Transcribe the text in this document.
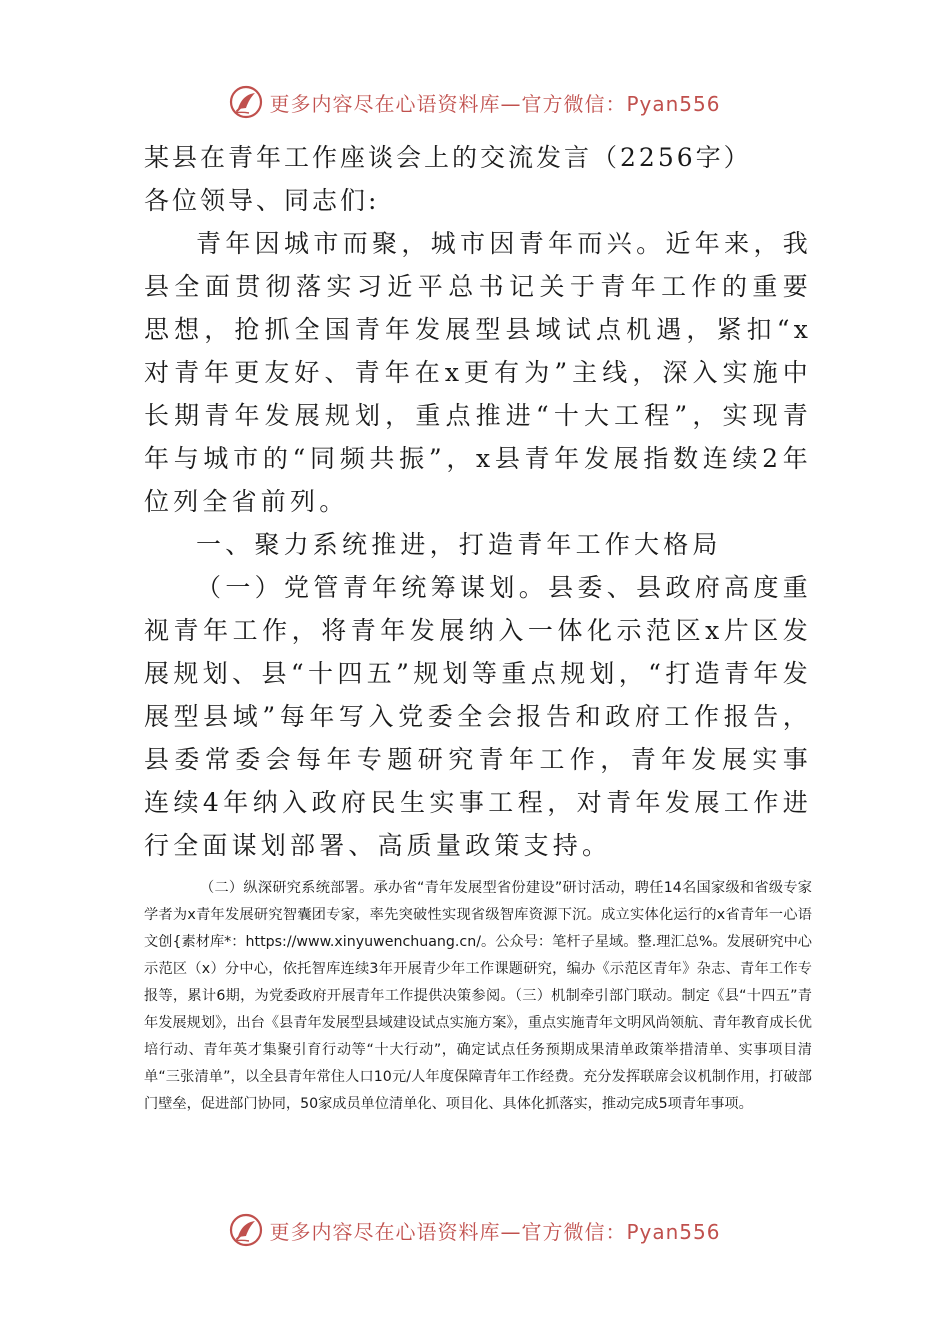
更多内容尽在心语资料库—官方微信：Pyan556

某县在青年工作座谈会上的交流发言（2256字）

各位领导、同志们:

青年因城市而聚，城市因青年而兴。近年来，我县全面贯彻落实习近平总书记关于青年工作的重要思想，抢抓全国青年发展型县域试点机遇，紧扣“x对青年更友好、青年在x更有为”主线，深入实施中长期青年发展规划，重点推进“十大工程”，实现青年与城市的“同频共振”，x县青年发展指数连续2年位列全省前列。

一、聚力系统推进，打造青年工作大格局

（一）党管青年统筹谋划。县委、县政府高度重视青年工作，将青年发展纳入一体化示范区x片区发展规划、县“十四五”规划等重点规划，“打造青年发展型县域”每年写入党委全会报告和政府工作报告，县委常委会每年专题研究青年工作，青年发展实事连续4年纳入政府民生实事工程，对青年发展工作进行全面谋划部署、高质量政策支持。

（二）纵深研究系统部署。承办省“青年发展型省份建设”研讨活动，聘任14名国家级和省级专家学者为x青年发展研究智囊团专家，率先突破性实现省级智库资源下沉。成立实体化运行的x省青年一心语文创{素材库*：https://www.xinyuwenchuang.cn/。公众号：笔杆子星域。整.理汇总%。发展研究中心示范区（x）分中心，依托智库连续3年开展青少年工作课题研究，编办《示范区青年》杂志、青年工作专报等，累计6期，为党委政府开展青年工作提供决策参阅。（三）机制牵引部门联动。制定《县“十四五”青年发展规划》，出台《县青年发展型县域建设试点实施方案》，重点实施青年文明风尚领航、青年教育成长优培行动、青年英才集聚引育行动等“十大行动”，确定试点任务预期成果清单政策举措清单、实事项目清单“三张清单”，以全县青年常住人口10元/人年度保障青年工作经费。充分发挥联席会议机制作用，打破部门壁垒，促进部门协同，50家成员单位清单化、项目化、具体化抓落实，推动完成5项青年事项。

更多内容尽在心语资料库—官方微信：Pyan556
